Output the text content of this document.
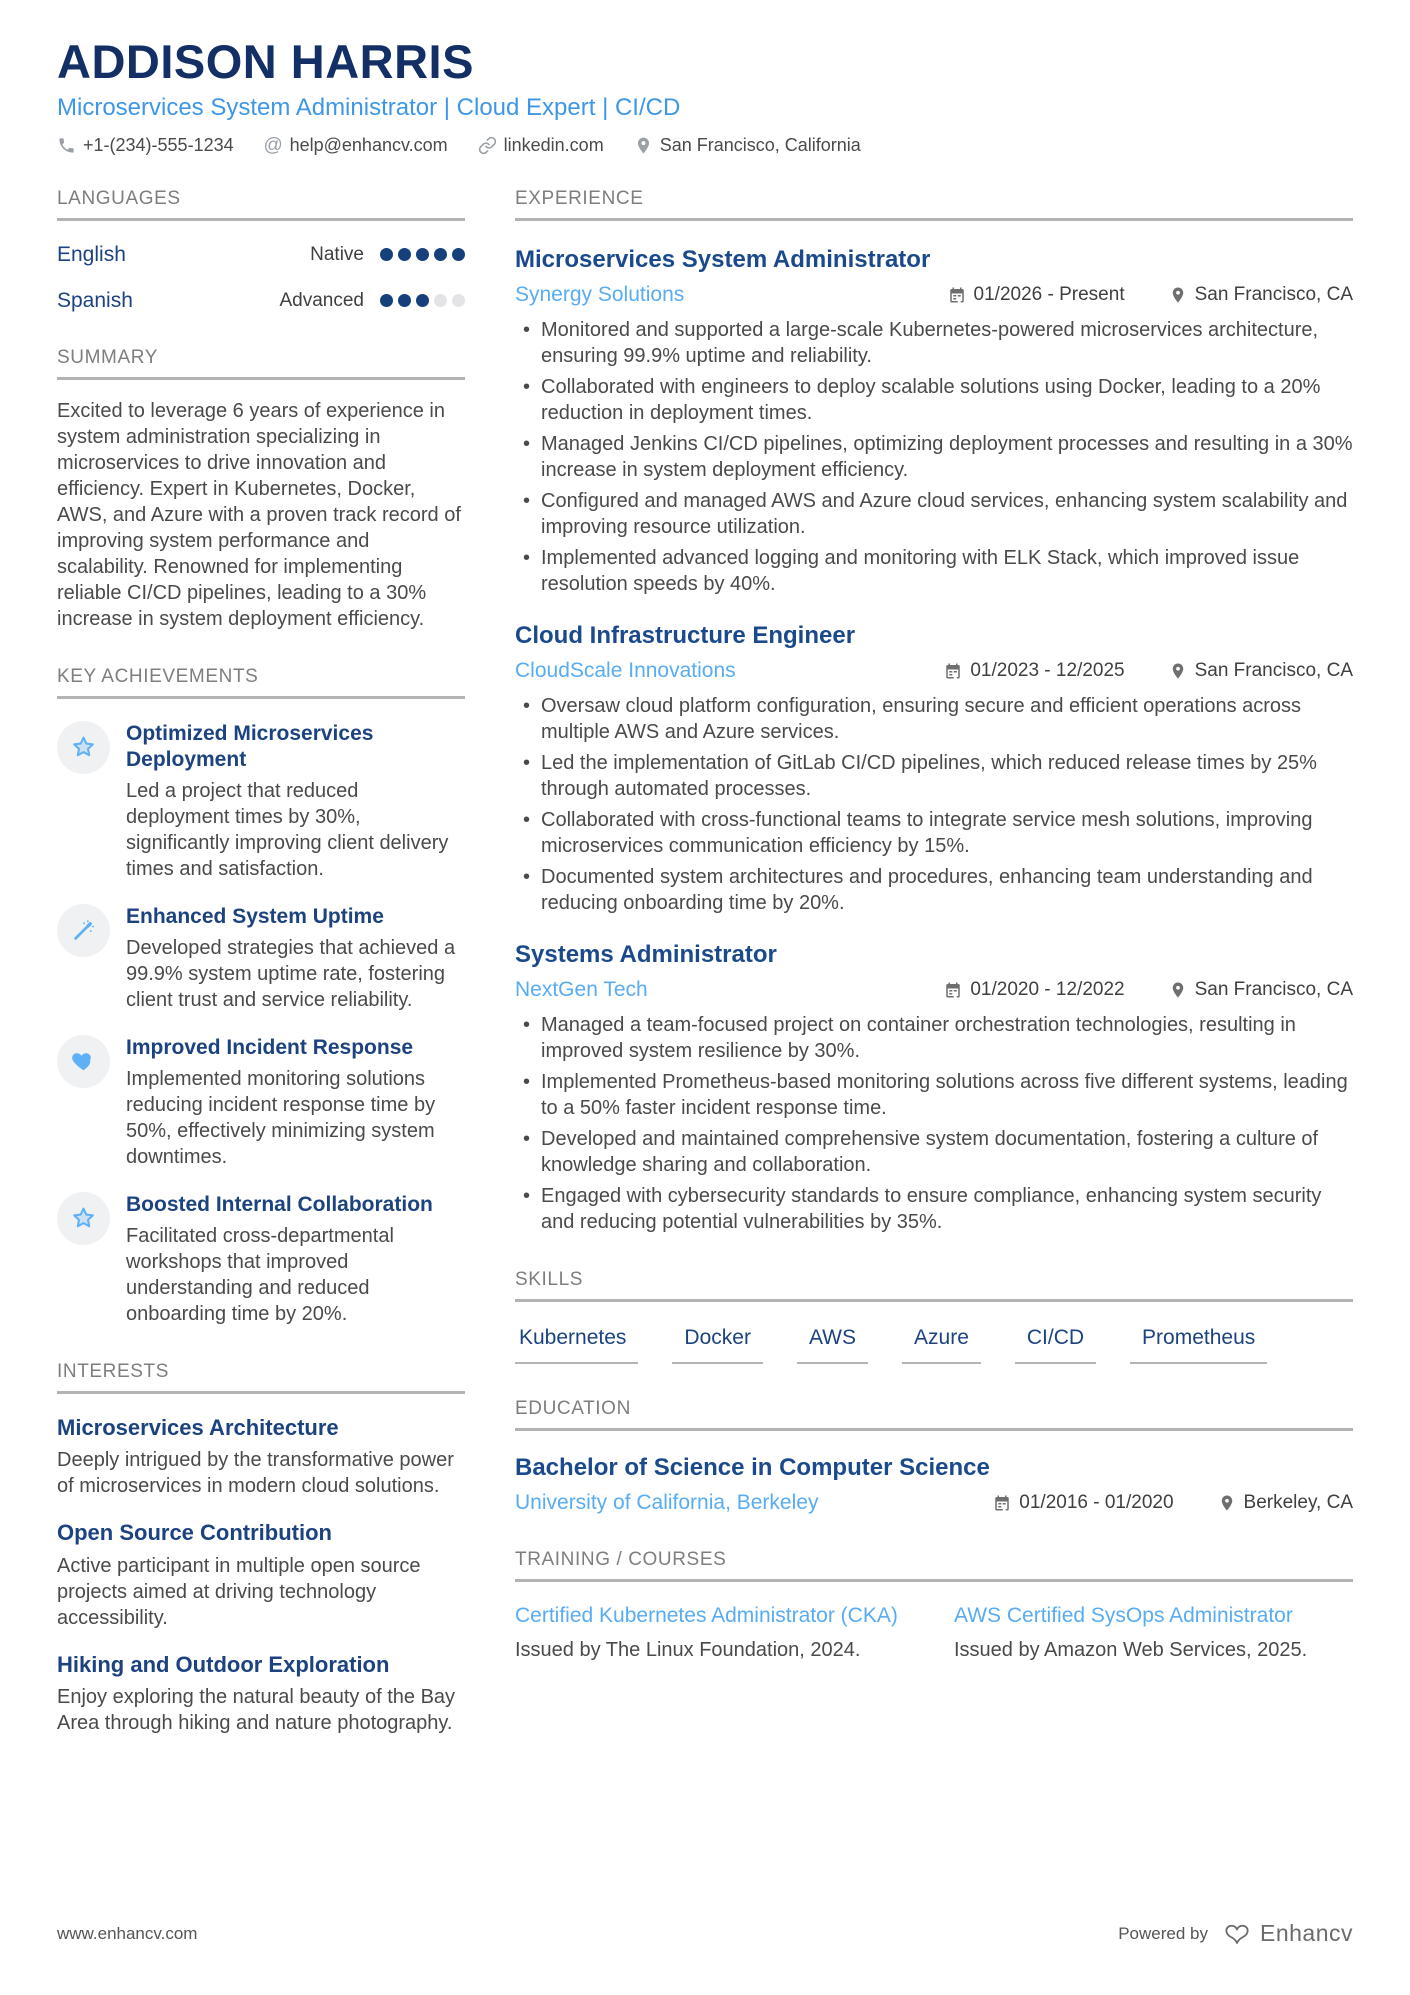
ADDISON HARRIS
Microservices System Administrator | Cloud Expert | CI/CD
+1-(234)-555-1234 @ help@enhancv.com	linkedin.com	San Francisco, California
LANGUAGES
English	Native
Spanish	Advanced
SUMMARY
Excited to leverage 6 years of experience in system administration specializing in microservices to drive innovation and efficiency. Expert in Kubernetes, Docker, AWS, and Azure with a proven track record of improving system performance and scalability. Renowned for implementing reliable CI/CD pipelines, leading to a 30% increase in system deployment efficiency.
KEY ACHIEVEMENTS
Optimized Microservices Deployment
Led a project that reduced deployment times by 30%, significantly improving client delivery times and satisfaction.
Enhanced System Uptime
Developed strategies that achieved a 99.9% system uptime rate, fostering client trust and service reliability.
Improved Incident Response
Implemented monitoring solutions reducing incident response time by 50%, effectively minimizing system downtimes.
Boosted Internal Collaboration
Facilitated cross-departmental workshops that improved understanding and reduced onboarding time by 20%.
INTERESTS
Microservices Architecture
Deeply intrigued by the transformative power of microservices in modern cloud solutions.
Open Source Contribution
Active participant in multiple open source projects aimed at driving technology accessibility.
Hiking and Outdoor Exploration
Enjoy exploring the natural beauty of the Bay Area through hiking and nature photography.
EXPERIENCE
Microservices System Administrator
Synergy Solutions	01/2026 - Present	San Francisco, CA
• Monitored and supported a large-scale Kubernetes-powered microservices architecture, ensuring 99.9% uptime and reliability.
• Collaborated with engineers to deploy scalable solutions using Docker, leading to a 20% reduction in deployment times.
• Managed Jenkins CI/CD pipelines, optimizing deployment processes and resulting in a 30% increase in system deployment efficiency.
• Configured and managed AWS and Azure cloud services, enhancing system scalability and improving resource utilization.
• Implemented advanced logging and monitoring with ELK Stack, which improved issue resolution speeds by 40%.
Cloud Infrastructure Engineer
CloudScale Innovations	01/2023 - 12/2025	San Francisco, CA
• Oversaw cloud platform configuration, ensuring secure and efficient operations across multiple AWS and Azure services.
• Led the implementation of GitLab CI/CD pipelines, which reduced release times by 25% through automated processes.
• Collaborated with cross-functional teams to integrate service mesh solutions, improving microservices communication efficiency by 15%.
• Documented system architectures and procedures, enhancing team understanding and reducing onboarding time by 20%.
Systems Administrator
NextGen Tech	01/2020 - 12/2022	San Francisco, CA
• Managed a team-focused project on container orchestration technologies, resulting in improved system resilience by 30%.
• Implemented Prometheus-based monitoring solutions across five different systems, leading to a 50% faster incident response time.
• Developed and maintained comprehensive system documentation, fostering a culture of knowledge sharing and collaboration.
• Engaged with cybersecurity standards to ensure compliance, enhancing system security and reducing potential vulnerabilities by 35%.
SKILLS
Kubernetes	Docker	AWS	Azure	CI/CD	Prometheus
EDUCATION
Bachelor of Science in Computer Science
University of California, Berkeley	01/2016 - 01/2020	Berkeley, CA
TRAINING / COURSES
Certified Kubernetes Administrator (CKA)
Issued by The Linux Foundation, 2024.
AWS Certified SysOps Administrator
Issued by Amazon Web Services, 2025.
www.enhancv.com	Powered by Enhancv
